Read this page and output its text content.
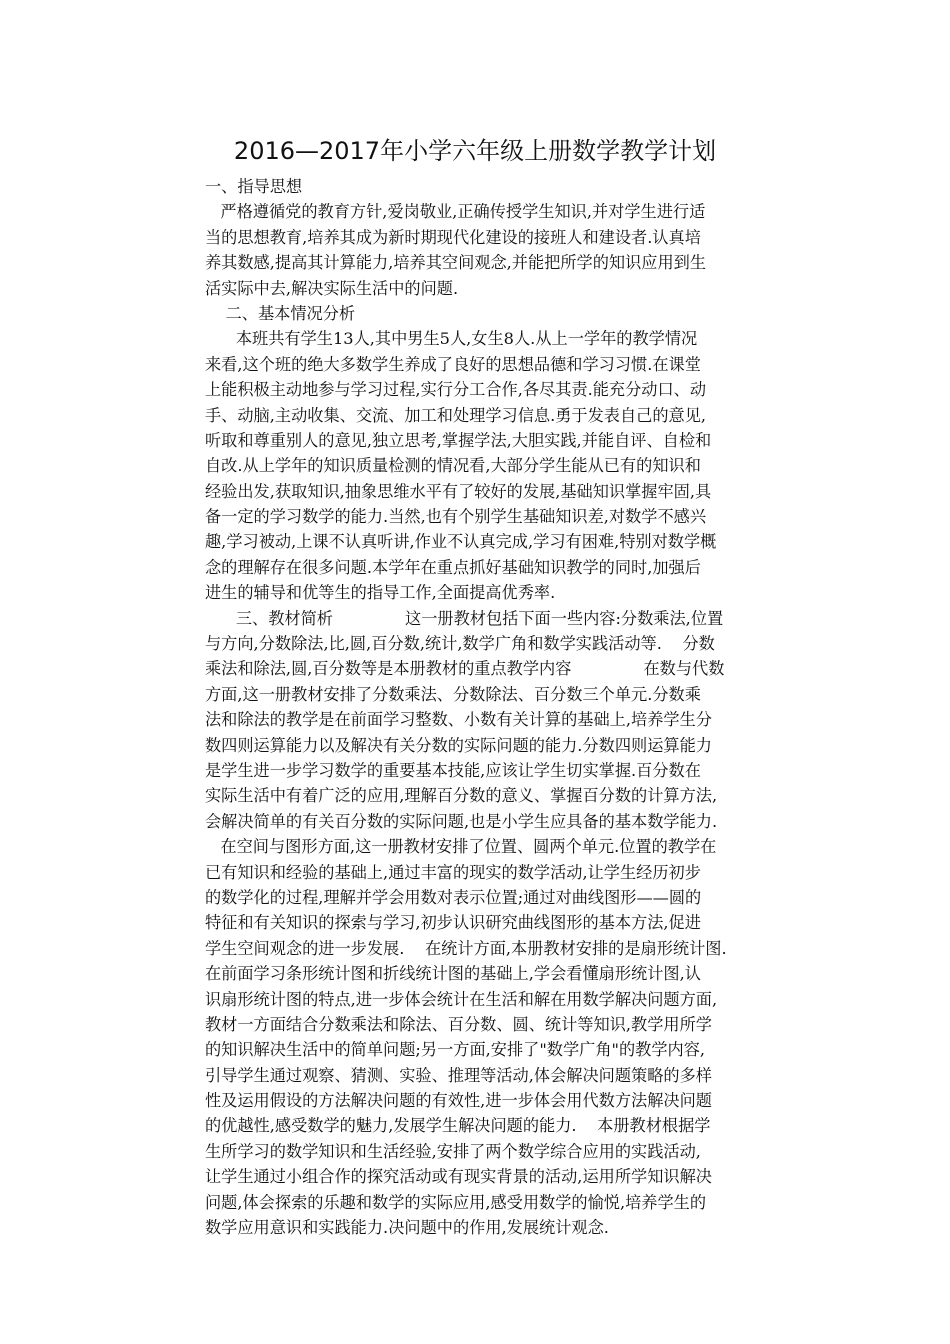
2016—2017年小学六年级上册数学教学计划
一、指导思想
严格遵循党的教育方针,爱岗敬业,正确传授学生知识,并对学生进行适
当的思想教育,培养其成为新时期现代化建设的接班人和建设者.认真培
养其数感,提高其计算能力,培养其空间观念,并能把所学的知识应用到生
活实际中去,解决实际生活中的问题.
二、基本情况分析
本班共有学生13人,其中男生5人,女生8人.从上一学年的教学情况
来看,这个班的绝大多数学生养成了良好的思想品德和学习习惯.在课堂
上能积极主动地参与学习过程,实行分工合作,各尽其责.能充分动口、动
手、动脑,主动收集、交流、加工和处理学习信息.勇于发表自己的意见,
听取和尊重别人的意见,独立思考,掌握学法,大胆实践,并能自评、自检和
自改.从上学年的知识质量检测的情况看,大部分学生能从已有的知识和
经验出发,获取知识,抽象思维水平有了较好的发展,基础知识掌握牢固,具
备一定的学习数学的能力.当然,也有个别学生基础知识差,对数学不感兴
趣,学习被动,上课不认真听讲,作业不认真完成,学习有困难,特别对数学概
念的理解存在很多问题.本学年在重点抓好基础知识教学的同时,加强后
进生的辅导和优等生的指导工作,全面提高优秀率.
三、教材简析              这一册教材包括下面一些内容:分数乘法,位置
与方向,分数除法,比,圆,百分数,统计,数学广角和数学实践活动等.    分数
乘法和除法,圆,百分数等是本册教材的重点教学内容              在数与代数
方面,这一册教材安排了分数乘法、分数除法、百分数三个单元.分数乘
法和除法的教学是在前面学习整数、小数有关计算的基础上,培养学生分
数四则运算能力以及解决有关分数的实际问题的能力.分数四则运算能力
是学生进一步学习数学的重要基本技能,应该让学生切实掌握.百分数在
实际生活中有着广泛的应用,理解百分数的意义、掌握百分数的计算方法,
会解决简单的有关百分数的实际问题,也是小学生应具备的基本数学能力.
在空间与图形方面,这一册教材安排了位置、圆两个单元.位置的教学在
已有知识和经验的基础上,通过丰富的现实的数学活动,让学生经历初步
的数学化的过程,理解并学会用数对表示位置;通过对曲线图形——圆的
特征和有关知识的探索与学习,初步认识研究曲线图形的基本方法,促进
学生空间观念的进一步发展.    在统计方面,本册教材安排的是扇形统计图.
在前面学习条形统计图和折线统计图的基础上,学会看懂扇形统计图,认
识扇形统计图的特点,进一步体会统计在生活和解在用数学解决问题方面,
教材一方面结合分数乘法和除法、百分数、圆、统计等知识,教学用所学
的知识解决生活中的简单问题;另一方面,安排了"数学广角"的教学内容,
引导学生通过观察、猜测、实验、推理等活动,体会解决问题策略的多样
性及运用假设的方法解决问题的有效性,进一步体会用代数方法解决问题
的优越性,感受数学的魅力,发展学生解决问题的能力.    本册教材根据学
生所学习的数学知识和生活经验,安排了两个数学综合应用的实践活动,
让学生通过小组合作的探究活动或有现实背景的活动,运用所学知识解决
问题,体会探索的乐趣和数学的实际应用,感受用数学的愉悦,培养学生的
数学应用意识和实践能力.决问题中的作用,发展统计观念.
